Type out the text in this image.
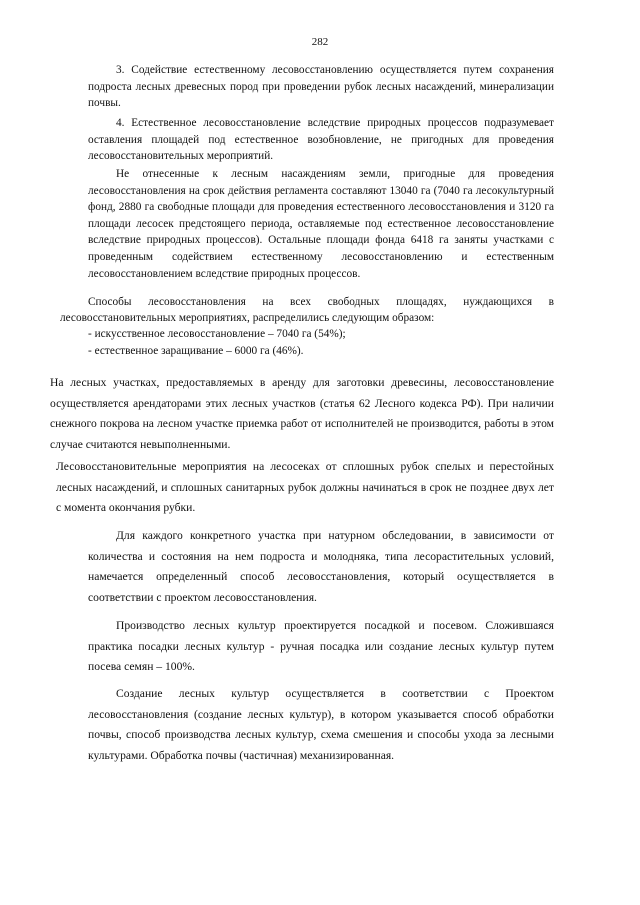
282

3. Содействие естественному лесовосстановлению осуществляется путем сохранения подроста лесных древесных пород при проведении рубок лесных насаждений, минерализации почвы.

4. Естественное лесовосстановление вследствие природных процессов подразумевает оставления площадей под естественное возобновление, не пригодных для проведения лесовосстановительных мероприятий.

Не отнесенные к лесным насаждениям земли, пригодные для проведения лесовосстановления на срок действия регламента составляют 13040 га (7040 га лесокультурный фонд, 2880 га свободные площади для проведения естественного лесовосстановления и 3120 га площади лесосек предстоящего периода, оставляемые под естественное лесовосстановление вследствие природных процессов). Остальные площади фонда 6418 га заняты участками с проведенным содействием естественному лесовосстановлению и естественным лесовосстановлением вследствие природных процессов.

Способы лесовосстановления на всех свободных площадях, нуждающихся в лесовосстановительных мероприятиях, распределились следующим образом:

- искусственное лесовосстановление – 7040 га (54%);

- естественное заращивание – 6000 га (46%).

На лесных участках, предоставляемых в аренду для заготовки древесины, лесовосстановление осуществляется арендаторами этих лесных участков (статья 62 Лесного кодекса РФ). При наличии снежного покрова на лесном участке приемка работ от исполнителей не производится, работы в этом случае считаются невыполненными.

Лесовосстановительные мероприятия на лесосеках от сплошных рубок спелых и перестойных лесных насаждений, и сплошных санитарных рубок должны начинаться в срок не позднее двух лет с момента окончания рубки.

Для каждого конкретного участка при натурном обследовании, в зависимости от количества и состояния на нем подроста и молодняка, типа лесорастительных условий, намечается определенный способ лесовосстановления, который осуществляется в соответствии с проектом лесовосстановления.

Производство лесных культур проектируется посадкой и посевом. Сложившаяся практика посадки лесных культур - ручная посадка или создание лесных культур путем посева семян – 100%.

Создание лесных культур осуществляется в соответствии с Проектом лесовосстановления (создание лесных культур), в котором указывается способ обработки почвы, способ производства лесных культур, схема смешения и способы ухода за лесными культурами. Обработка почвы (частичная) механизированная.
